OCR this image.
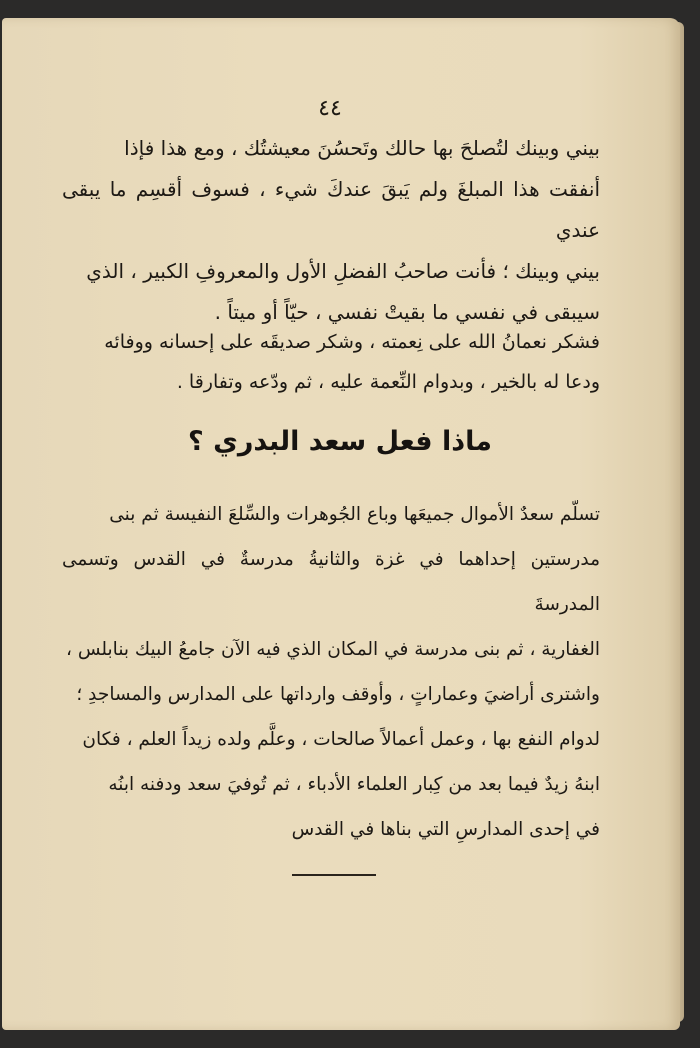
٤٤

بيني وبينك لتُصلحَ بها حالك وتَحسُنَ معيشتُك ، ومع هذا فإذا
أنفقت هذا المبلغَ ولم يَبقَ عندكَ شيء ، فسوف أقسِم ما يبقى عندي
بيني وبينك ؛ فأنت صاحبُ الفضلِ الأول والمعروفِ الكبير ، الذي
سيبقى في نفسي ما بقيتْ نفسي ، حيّاً أو ميتاً .

فشكر نعمانُ الله على نِعمته ، وشكر صديقَه على إحسانه ووفائه
ودعا له بالخير ، وبدوام النِّعمة عليه ، ثم ودّعه وتفارقا .

ماذا فعل سعد البدري ؟

تسلّم سعدٌ الأموال جميعَها وباع الجُوهرات والسِّلعَ النفيسة ثم بنى
مدرستين إحداهما في غزة والثانيةُ مدرسةٌ في القدس وتسمى المدرسةَ
الغفارية ، ثم بنى مدرسة في المكان الذي فيه الآن جامعُ البيك بنابلس ،
واشترى أراضيَ وعماراتٍ ، وأوقف وارداتها على المدارس والمساجدِ ؛
لدوام النفع بها ، وعمل أعمالاً صالحات ، وعلَّم ولده زيداً العلم ، فكان
ابنهُ زيدٌ فيما بعد من كِبار العلماء الأدباء ، ثم تُوفيَ سعد ودفنه ابنُه
في إحدى المدارسِ التي بناها في القدس
